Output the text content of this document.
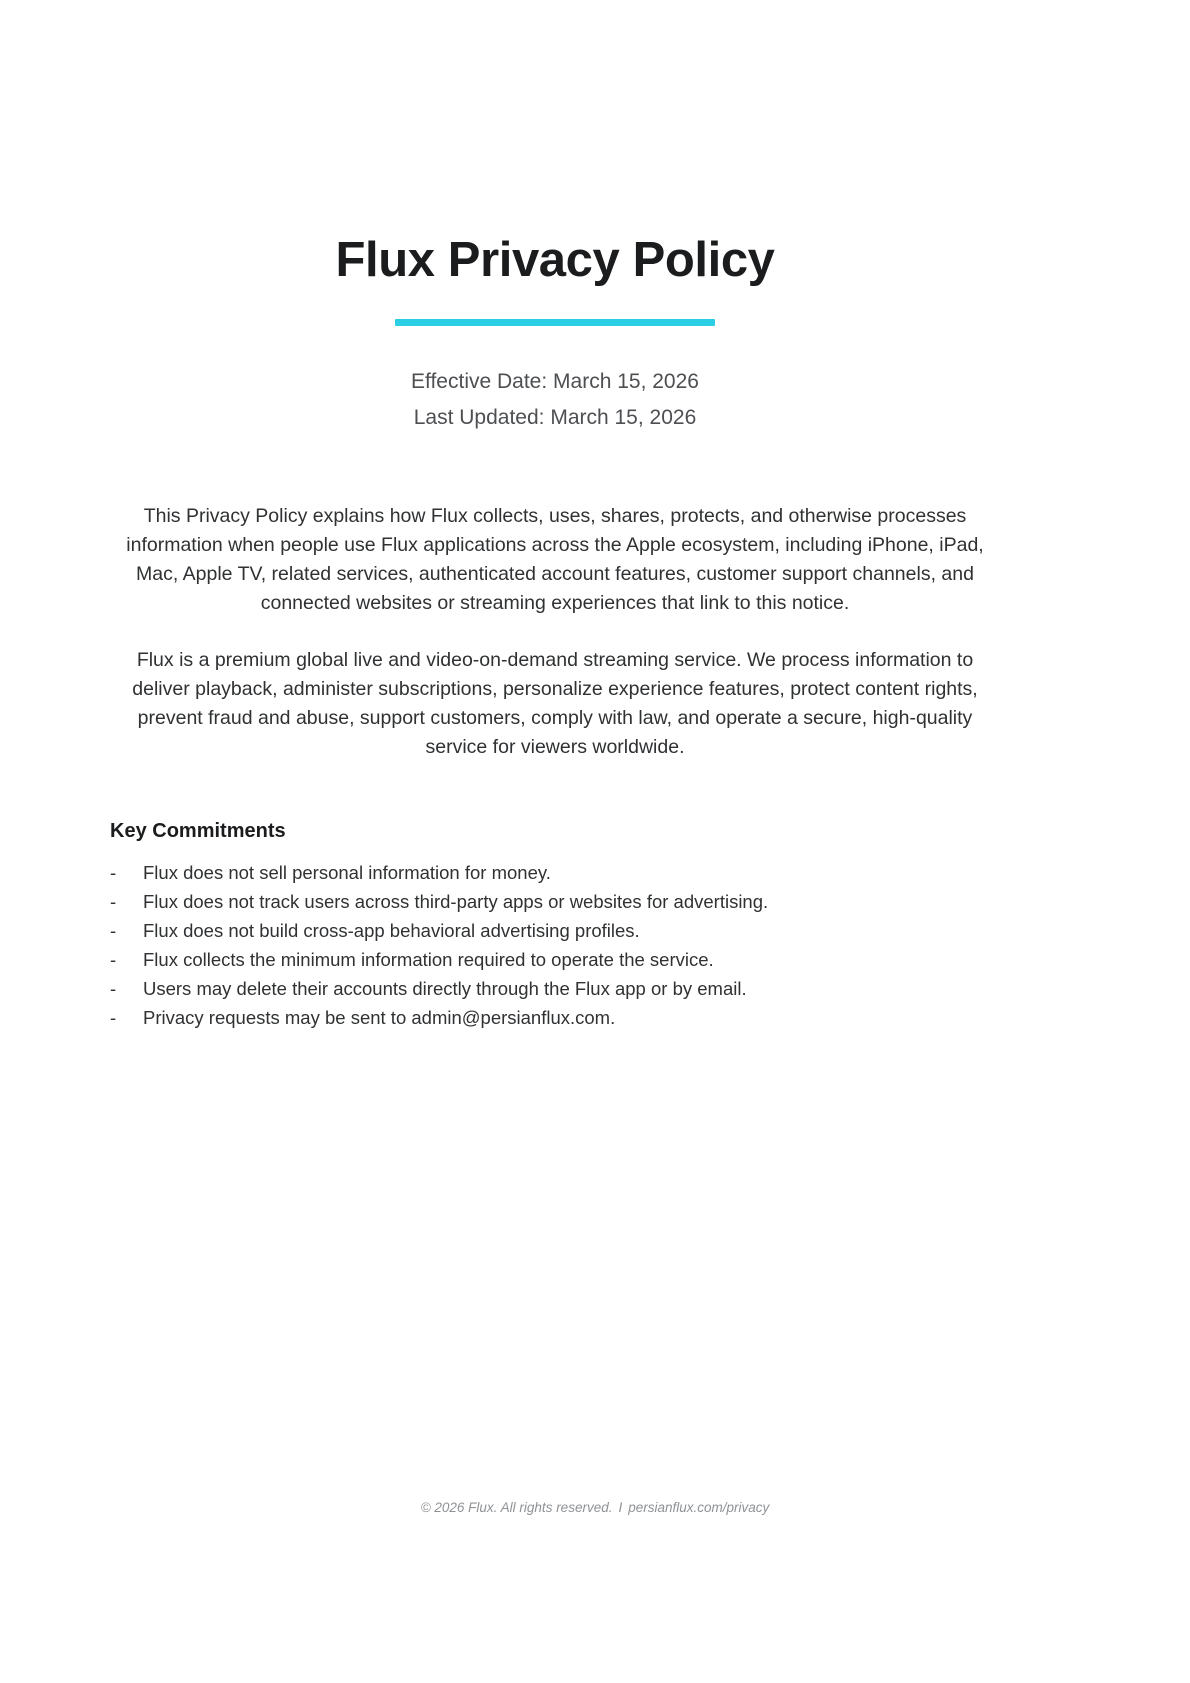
Flux Privacy Policy
Effective Date: March 15, 2026
Last Updated: March 15, 2026

This Privacy Policy explains how Flux collects, uses, shares, protects, and otherwise processes information when people use Flux applications across the Apple ecosystem, including iPhone, iPad, Mac, Apple TV, related services, authenticated account features, customer support channels, and connected websites or streaming experiences that link to this notice.

Flux is a premium global live and video-on-demand streaming service. We process information to deliver playback, administer subscriptions, personalize experience features, protect content rights, prevent fraud and abuse, support customers, comply with law, and operate a secure, high-quality service for viewers worldwide.

Key Commitments
-	Flux does not sell personal information for money.
-	Flux does not track users across third-party apps or websites for advertising.
-	Flux does not build cross-app behavioral advertising profiles.
-	Flux collects the minimum information required to operate the service.
-	Users may delete their accounts directly through the Flux app or by email.
-	Privacy requests may be sent to admin@persianflux.com.
© 2026 Flux. All rights reserved. I persianflux.com/privacy
